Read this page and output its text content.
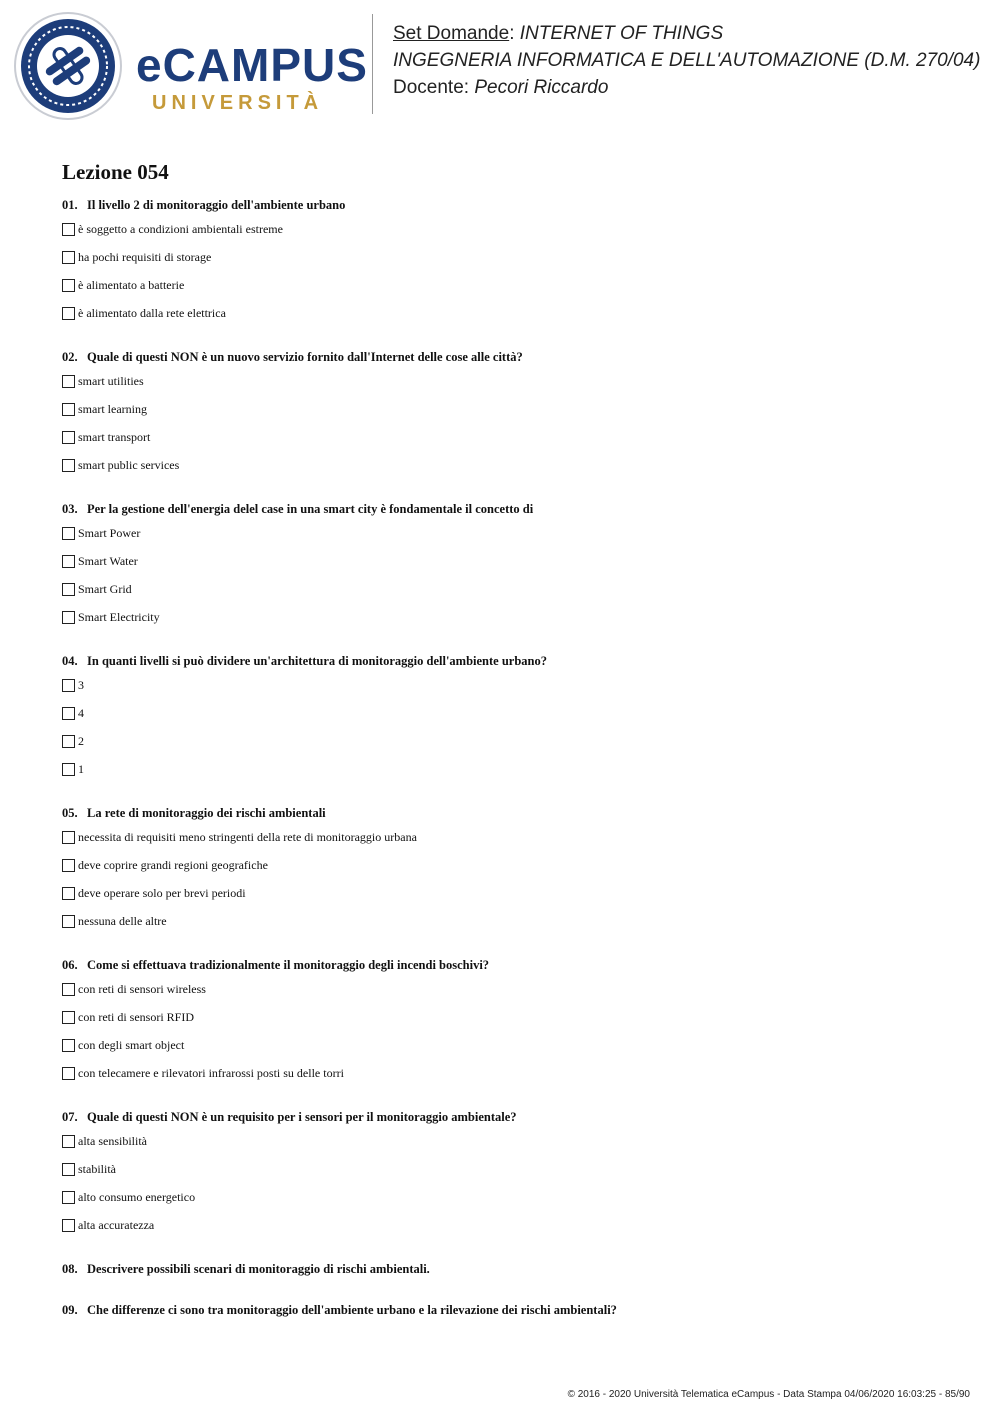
eCAMPUS
UNIVERSITÀ
Set Domande: INTERNET OF THINGS
INGEGNERIA INFORMATICA E DELL'AUTOMAZIONE (D.M. 270/04)
Docente: Pecori Riccardo
Lezione 054
01. Il livello 2 di monitoraggio dell'ambiente urbano
è soggetto a condizioni ambientali estreme
ha pochi requisiti di storage
è alimentato a batterie
è alimentato dalla rete elettrica
02. Quale di questi NON è un nuovo servizio fornito dall'Internet delle cose alle città?
smart utilities
smart learning
smart transport
smart public services
03. Per la gestione dell'energia delel case in una smart city è fondamentale il concetto di
Smart Power
Smart Water
Smart Grid
Smart Electricity
04. In quanti livelli si può dividere un'architettura di monitoraggio dell'ambiente urbano?
3
4
2
1
05. La rete di monitoraggio dei rischi ambientali
necessita di requisiti meno stringenti della rete di monitoraggio urbana
deve coprire grandi regioni geografiche
deve operare solo per brevi periodi
nessuna delle altre
06. Come si effettuava tradizionalmente il monitoraggio degli incendi boschivi?
con reti di sensori wireless
con reti di sensori RFID
con degli smart object
con telecamere e rilevatori infrarossi posti su delle torri
07. Quale di questi NON è un requisito per i sensori per il monitoraggio ambientale?
alta sensibilità
stabilità
alto consumo energetico
alta accuratezza
08. Descrivere possibili scenari di monitoraggio di rischi ambientali.
09. Che differenze ci sono tra monitoraggio dell'ambiente urbano e la rilevazione dei rischi ambientali?
© 2016 - 2020 Università Telematica eCampus - Data Stampa 04/06/2020 16:03:25 - 85/90
